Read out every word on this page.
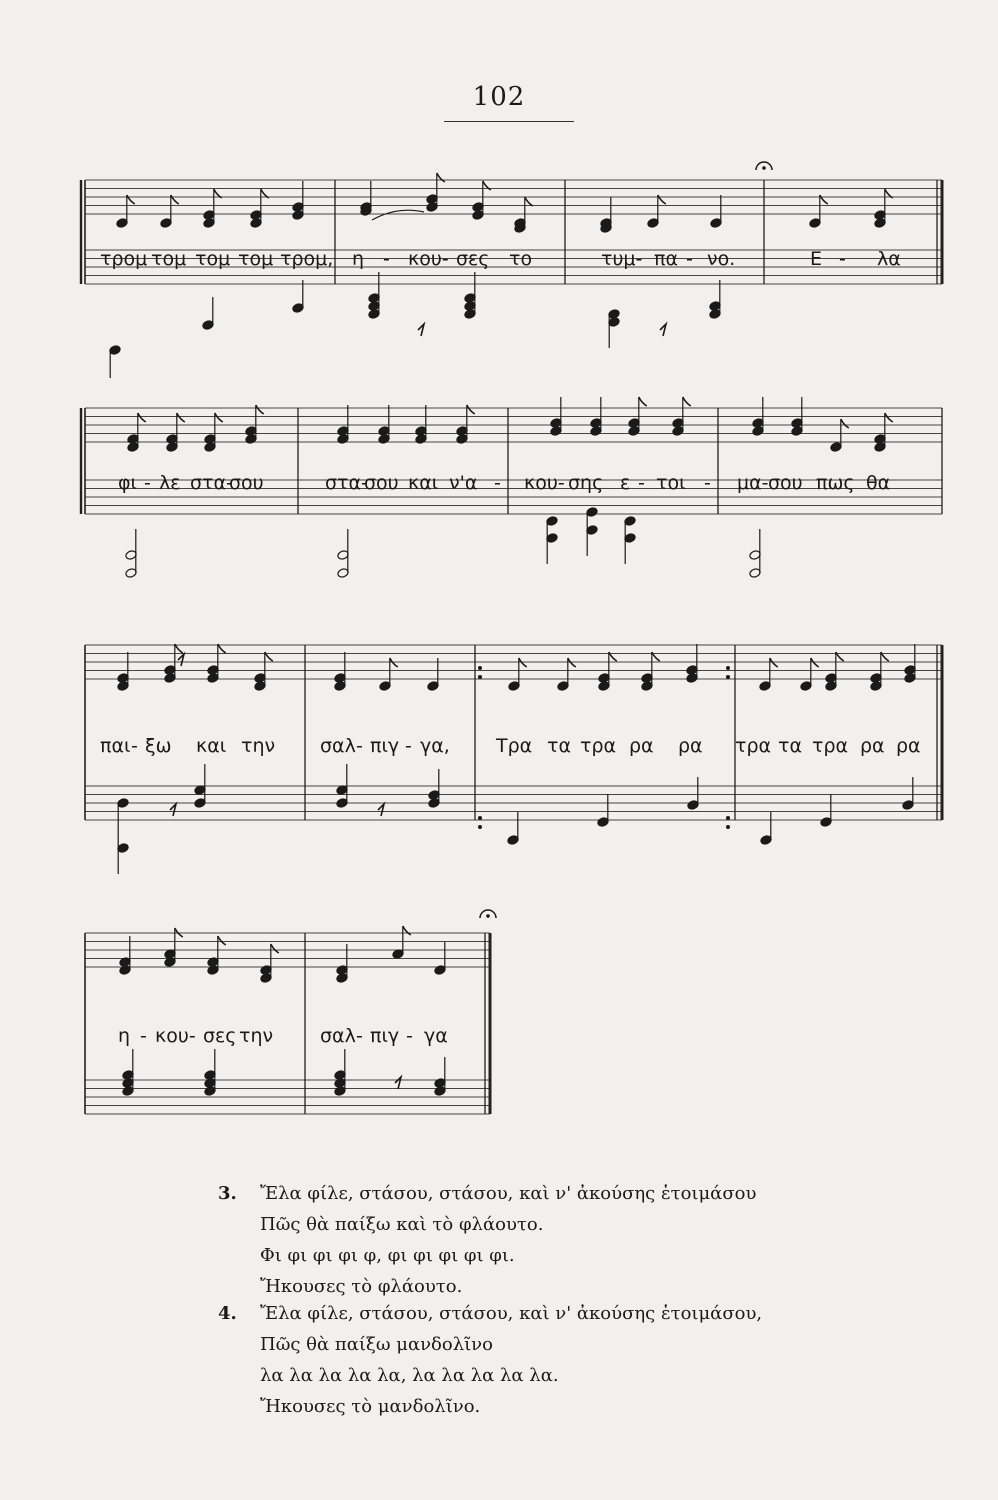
102
τρομ τομ τομ τομ τρομ, η - κου- σες το	τυμ- πα - νο.	Ε - λα
φι - λε στα-
σου	στα-
σου και ν'α - κου- σης ε - τοι - μα- σου πως θα
παι - ξω και την σαλ - πιγ - γα, Τρα τα τρα ρα ρα τρα τα τρα ρα ρα
η - κου- σες την σαλ - πιγ - γα
3. Ἔλα φίλε, στάσου, στάσου, καὶ ν' ἀκούσης ἑτοιμάσου
Πῶς θὰ παίξω καὶ τὸ φλάουτο.
Φι φι φι φι φ, φι φι φι φι φι.
Ἤκουσες τὸ φλάουτο.
4. Ἔλα φίλε, στάσου, στάσου, καὶ ν' ἀκούσης ἑτοιμάσου,
Πῶς θὰ παίξω μανδολῖνο
λα λα λα λα λα, λα λα λα λα λα.
Ἤκουσες τὸ μανδολῖνο.
